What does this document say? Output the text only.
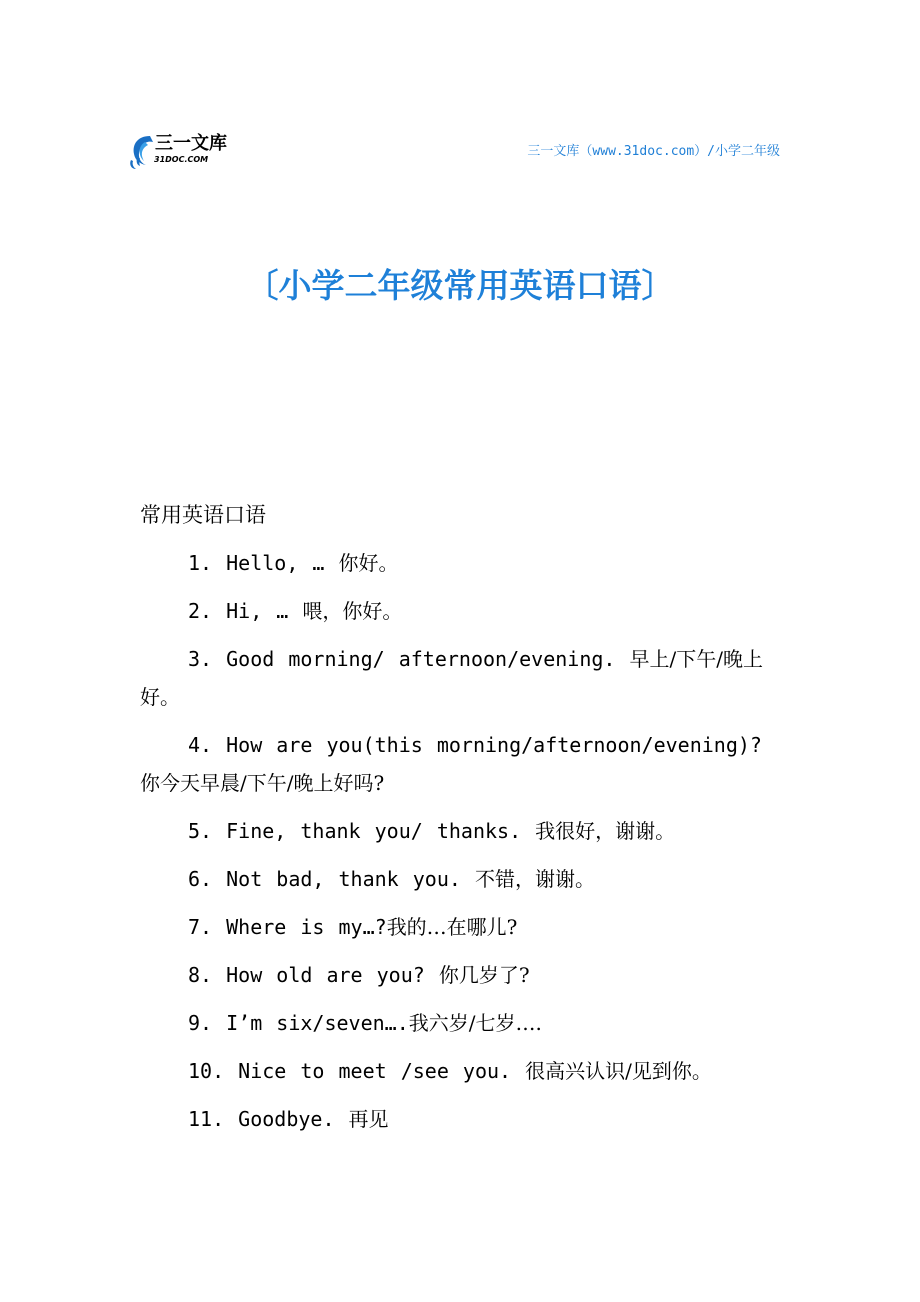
三一文库
31DOC.COM
三一文库（www.31doc.com）/小学二年级
〔小学二年级常用英语口语〕
常用英语口语
1. Hello, … 你好。
2. Hi, … 喂，你好。
3. Good morning/ afternoon/evening. 早上/下午/晚上好。
4. How are you(this morning/afternoon/evening)? 你今天早晨/下午/晚上好吗?
5. Fine, thank you/ thanks. 我很好，谢谢。
6. Not bad, thank you. 不错，谢谢。
7. Where is my…?我的…在哪儿?
8. How old are you? 你几岁了?
9. I’m six/seven….我六岁/七岁….
10. Nice to meet /see you. 很高兴认识/见到你。
11. Goodbye. 再见
